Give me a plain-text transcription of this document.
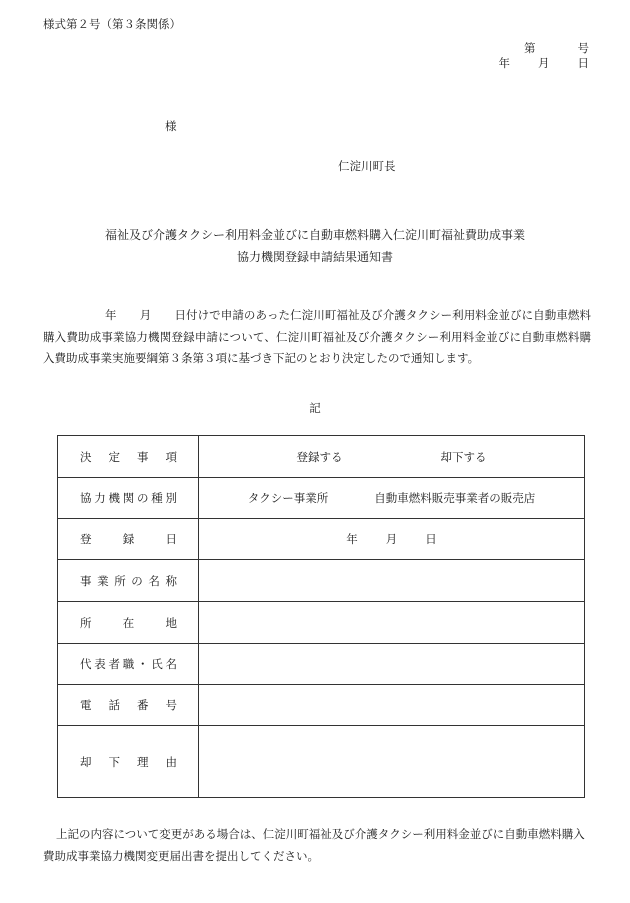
様式第２号（第３条関係）
第	号
年 月 日
様
仁淀川町長
福祉及び介護タクシー利用料金並びに自動車燃料購入仁淀川町福祉費助成事業
協力機関登録申請結果通知書
年　　月　　日付けで申請のあった仁淀川町福祉及び介護タクシー利用料金並びに自動車燃料購入費助成事業協力機関登録申請について、仁淀川町福祉及び介護タクシー利用料金並びに自動車燃料購入費助成事業実施要綱第３条第３項に基づき下記のとおり決定したので通知します。
記
決定事項	登録する 却下する
協力機関の種別	タクシー事業所 自動車燃料販売事業者の販売店
登録日	年 月 日
事業所の名称	
所在地	
代表者職・氏名	
電話番号	
却下理由	
上記の内容について変更がある場合は、仁淀川町福祉及び介護タクシー利用料金並びに自動車燃料購入費助成事業協力機関変更届出書を提出してください。
